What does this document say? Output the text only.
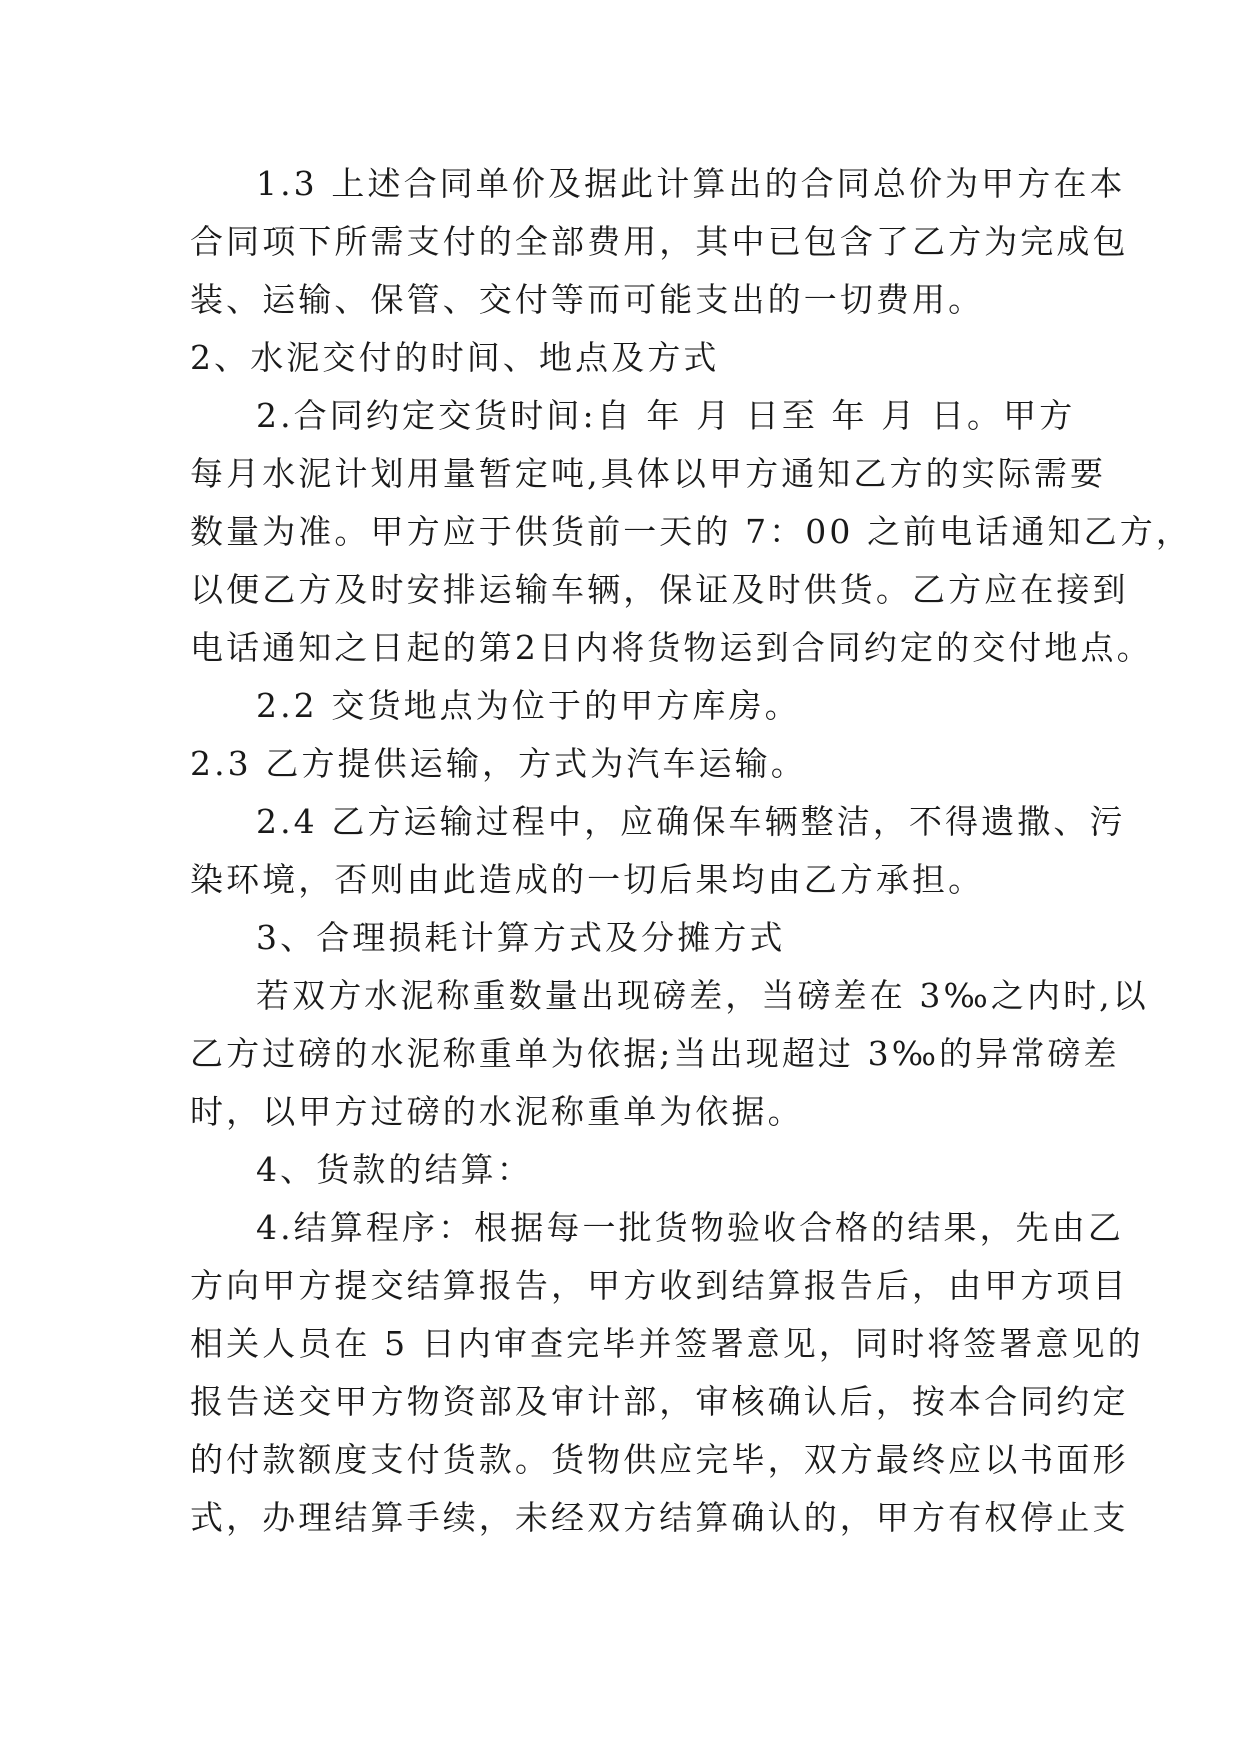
1.3 上述合同单价及据此计算出的合同总价为甲方在本
合同项下所需支付的全部费用，其中已包含了乙方为完成包
装、运输、保管、交付等而可能支出的一切费用。
2、水泥交付的时间、地点及方式
2.合同约定交货时间:自 年 月 日至 年 月 日。甲方
每月水泥计划用量暂定吨,具体以甲方通知乙方的实际需要
数量为准。甲方应于供货前一天的 7：00 之前电话通知乙方，
以便乙方及时安排运输车辆，保证及时供货。乙方应在接到
电话通知之日起的第2日内将货物运到合同约定的交付地点。
2.2 交货地点为位于的甲方库房。
2.3 乙方提供运输，方式为汽车运输。
2.4 乙方运输过程中，应确保车辆整洁，不得遗撒、污
染环境，否则由此造成的一切后果均由乙方承担。
3、合理损耗计算方式及分摊方式
若双方水泥称重数量出现磅差，当磅差在 3‰之内时,以
乙方过磅的水泥称重单为依据;当出现超过 3‰的异常磅差
时，以甲方过磅的水泥称重单为依据。
4、货款的结算：
4.结算程序：根据每一批货物验收合格的结果，先由乙
方向甲方提交结算报告，甲方收到结算报告后，由甲方项目
相关人员在 5 日内审查完毕并签署意见，同时将签署意见的
报告送交甲方物资部及审计部，审核确认后，按本合同约定
的付款额度支付货款。货物供应完毕，双方最终应以书面形
式，办理结算手续，未经双方结算确认的，甲方有权停止支
